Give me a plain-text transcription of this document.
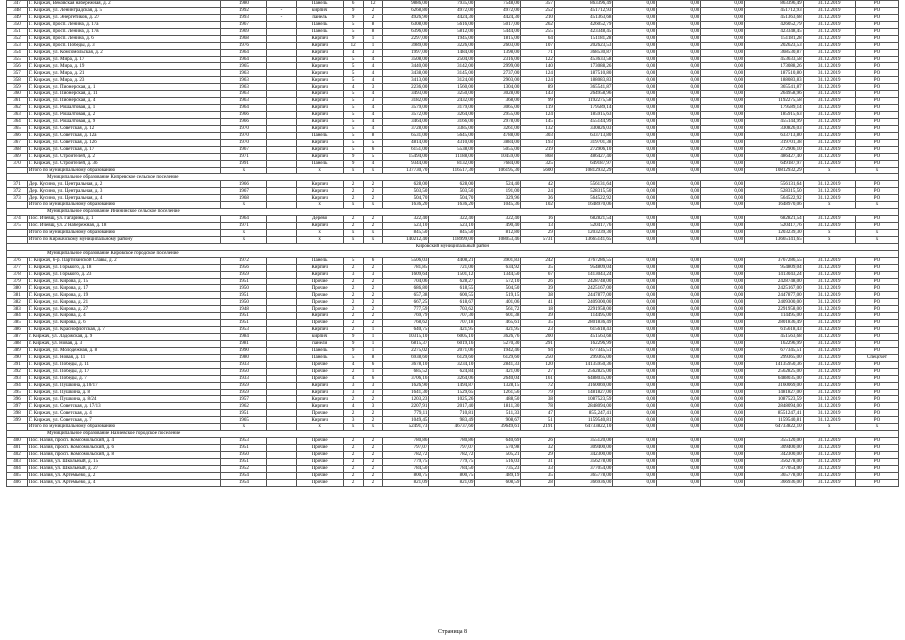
347	Г. Киржач, Вековская набережная, д. 2	1980		Панель	6	12	9886,00	7935,00	7548,00	357	863396,49	0,00	0,00	0,00	863396,49	31.12.2019	РО
348	Г. Киржач, ул. Ленинградская, д. 5	1992	-	кирпич	9	2	6268,80	4972,00	4972,00	252	451712,93	0,00	0,00	0,00	451712,93	31.12.2019	РО
349	Г. Киржач, ул. Энергетиков, д. 27	1993	-	панель	9	2	4926,90	4424,30	4424,30	210	451363,68	0,00	0,00	0,00	451363,68	31.12.2019	РО
350	Г. Киржач, просп. Ленина, д. 17а	1967		Панель	5	8	6308,00	5616,00	5017,00	262	426052,79	0,00	0,00	0,00	426052,79	31.12.2019	РО
351	Г. Киржач, просп. Ленина, д. 17в	1969		Панель	5	8	6396,00	5812,00	5444,00	255	423348,45	0,00	0,00	0,00	423348,45	31.12.2019	РО
352	Г. Киржач, просп. Ленина, д. 6	1968		Кирпич	9	1	2297,00	1945,00	1815,00	64	151181,28	0,00	0,00	0,00	151181,28	31.12.2019	РО
353	Г. Киржач, просп. Победы, д. 3	1976		Кирпич	12	1	3989,00	3226,00	2603,00	107	202623,53	0,00	0,00	0,00	202623,53	31.12.2019	РО
354	Г. Киржач, ул. Комсомольская, д. 2	1964		Кирпич	4	3	1997,00	1484,00	1398,00	71	368530,87	0,00	0,00	0,00	368530,87	31.12.2019	РО
355	Г. Киржач, ул. Мира, д. 17	1964		Кирпич	5	4	3508,00	2504,00	2316,00	122	453633,58	0,00	0,00	0,00	453633,58	31.12.2019	РО
356	Г. Киржач, ул. Мира, д. 19	1965		Кирпич	5	4	3440,00	3142,00	2999,00	140	173088,26	0,00	0,00	0,00	173088,26	31.12.2019	РО
357	Г. Киржач, ул. Мира, д. 21	1963		Кирпич	5	4	3438,00	3145,00	2737,00	124	187510,80	0,00	0,00	0,00	187510,80	31.12.2019	РО
358	Г. Киржач, ул. Мира, д. 23	1963		Кирпич	5	4	3413,00	3124,00	2903,00	124	188083,83	0,00	0,00	0,00	188083,83	31.12.2019	РО
359	Г. Киржач, ул. Пионерская, д. 1	1963		Кирпич	4	3	2236,00	1560,00	1304,00	89	365541,87	0,00	0,00	0,00	365541,87	31.12.2019	РО
360	Г. Киржач, ул. Пионерская, д. 11	1963		Кирпич	5	4	3493,00	3250,00	3028,00	143	264958,96	0,00	0,00	0,00	264958,96	31.12.2019	РО
361	Г. Киржач, ул. Пионерская, д. 4	1963		Кирпич	5	3	3182,00	2432,00	368,00	99	1192275,58	0,00	0,00	0,00	1192275,58	31.12.2019	РО
362	Г. Киржач, ул. Рошалтовая, д. 1	1964		Кирпич	5	4	3579,00	3179,00	3065,00	119	179589,14	0,00	0,00	0,00	179589,14	31.12.2019	РО
363	Г. Киржач, ул. Рошалтовая, д. 2	1966		Кирпич	5	4	3572,00	3264,00	2955,00	124	185915,63	0,00	0,00	0,00	185915,63	31.12.2019	РО
364	Г. Киржач, ул. Рошалтовая, д. 9	1966		Кирпич	5	4	3464,00	3166,00	2978,00	145	455144,99	0,00	0,00	0,00	455144,99	31.12.2019	РО
365	Г. Киржач, ул. Советская, д. 12	1970		Кирпич	5	4	3728,00	3385,00	3261,00	132	330826,03	0,00	0,00	0,00	330826,03	31.12.2019	РО
366	Г. Киржач, ул. Советская, д. 12а	1970		Панель	5	8	6531,00	5645,00	4788,00	303	633713,80	0,00	0,00	0,00	633713,80	31.12.2019	РО
367	Г. Киржач, ул. Советская, д. 12б	1970		Кирпич	5	5	4814,00	4310,00	3884,00	193	319701,38	0,00	0,00	0,00	319701,38	31.12.2019	РО
368	Г. Киржач, ул. Советская, д. 17	1967		Кирпич	5	6	6151,00	5538,00	5055,00	219	272906,10	0,00	0,00	0,00	272906,10	31.12.2019	РО
369	Г. Киржач, ул. Строителей, д. 2	1971		Кирпич	9	5	15494,00	11188,00	10459,00	868	486427,40	0,00	0,00	0,00	486427,40	31.12.2019	РО
370	Г. Киржач, ул. Строителей, д. 3б	1991		Панель	9	4	9344,00	8132,00	7684,00	325	649187,97	0,00	0,00	0,00	649187,97	31.12.2019	РО
	Итого по муниципальному образованию	x		x	x	x	137730,70	116517,30	106195,30	5600	10812932,29	0,00	0,00	0,00	10812932,29	x	x
Муниципальное образование Кипревское сельское поселение																	
371	Дер. Кусино, ул. Центральная, д. 2	1966		Кирпич	2	2	628,00	628,00	524,40	42	556131,64	0,00	0,00	0,00	556131,64	31.12.2019	РО
372	Дер. Кусино, ул. Центральная, д. 3	1967		Кирпич	2	2	503,50	503,50	191,00	24	528315,50	0,00	0,00	0,00	528315,50	31.12.2019	РО
373	Дер. Кусино, ул. Центральная, д. 4	1968		Кирпич	2	2	504,70	504,70	329,96	36	564522,92	0,00	0,00	0,00	564522,92	31.12.2019	РО
	Итого по муниципальному образованию	x		x	x	x	1636,20	1636,20	1045,36	102	1648970,06	0,00	0,00	0,00	1648970,06	x	x
Муниципальное образование Инининское сельское поселение																	
374	Пос. Ичевщ, ул. Гагарина, д. 1	1964		Дерево	2	2	322,40	322,40	322,40	16	682821,54	0,00	0,00	0,00	682821,54	31.12.2019	РО
375	Пос. Ичевщ, ул. 2 Набережная, д. 18	1971		Кирпич	2	2	523,10	523,10	490,40	13	520417,76	0,00	0,00	0,00	520417,76	31.12.2019	РО
	Итого по муниципальному образованию	x		x	x	x	845,50	845,50	812,80	29	1203239,30	0,00	0,00	0,00	1203239,30	x	x
	Итого по Киржачскому муниципальному району	x		x	x	x	140212,40	118999,00	108053,46	5731	13665141,65	0,00	0,00	0,00	13665141,65	x	x
Кировский муниципальный район																	
Муниципальное образование Кировское городское поселение																	
376	Г. Киржач, б-р. Партизанской Славы, д. 2	1972		Панель	5	6	5506,03	4408,21	3901,83	242	3767286,55	0,00	0,00	0,00	3767286,55	31.12.2019	РО
377	Г. Киржач, ул. Горького, д. 18	1956		Кирпич	2	2	781,85	721,00	634,92	35	954809,04	0,00	0,00	0,00	954809,04	31.12.2019	РО
378	Г. Киржач, ул. Горького, д. 23	1959		Кирпич	3	3	1609,64	1501,12	1344,50	67	1413043,24	0,00	0,00	0,00	1413043,24	31.12.2019	РО
379	Г. Киржач, ул. Кирова, д. 15	1951		Прочие	2	2	704,06	628,27	572,10	26	2428748,00	0,00	0,00	0,00	2428748,00	31.12.2019	РО
380	Г. Киржач, ул. Кирова, д. 17	1950		Прочие	2	2	686,80	618,55	504,50	39	2425167,00	0,00	0,00	0,00	2425167,00	31.12.2019	РО
381	Г. Киржач, ул. Кирова, д. 19	1951		Прочие	2	2	657,38	600,55	519,15	38	2447877,00	0,00	0,00	0,00	2447877,00	31.12.2019	РО
382	Г. Киржач, ул. Кирова, д. 21	1950		Прочие	2	2	667,25	618,67	401,06	41	2409300,00	0,00	0,00	0,00	2409300,00	31.12.2019	РО
383	Г. Киржач, ул. Кирова, д. 27	1948		Прочие	2	2	777,59	703,62	561,72	18	2291958,00	0,00	0,00	0,00	2291958,00	31.12.2019	РО
384	Г. Киржач, ул. Кирова, д. 4	1951		Кирпич	2	2	769,79	707,30	601,38	39	114495,00	0,00	0,00	0,00	114495,00	31.12.2019	РО
385	Г. Киржач, ул. Кирова, д. 6	1951		Прочие	2	2	768,62	707,18	465,61	35	2801836,49	0,00	0,00	0,00	2801836,49	31.12.2019	РО
386	Г. Киржач, ул. Краснофлотская, д. 7	1953		Кирпич	2	1	640,75	421,95	421,95	23	615618,43	0,00	0,00	0,00	615618,43	31.12.2019	РО
387	г. Киржач, ул. Ладожская, д. 9	1984		кирпич	9	1	10315,10	6005,10	3626,76	200	451563,68	0,00	0,00	0,00	451563,68	31.12.2019	РО
388	г. Киржач, ул. Новая, д. 3	1981		панели	9	1	6815,37	6019,16	5270,30	291	162296,99	0,00	0,00	0,00	162296,99	31.12.2019	РО
389	Г. Киржач, ул. Молодежная, д. 8	1990		Панель	9	1	2275,02	2071,06	1942,46	94	677345,51	0,00	0,00	0,00	677345,51	31.12.2019	РО
390	Г. Киржач, ул. Новая, д. 11	1980		Панель	5	8	6938,60	6129,60	6129,60	250	299365,00	0,00	0,00	0,00	299365,00	31.12.2019	Спецсчет
391	Г. Киржач, ул. Победы, д. 11	1933		Прочие	4	6	3678,10	3234,10	2841,33	120	14135950,36	0,00	0,00	0,00	14135950,36	31.12.2019	РО
392	Г. Киржач, ул. Победы, д. 17	1950		Прочие	2	1	685,52	624,84	421,00	27	2562825,00	0,00	0,00	0,00	2562825,00	31.12.2019	РО
393	Г. Киржач, ул. Победы, д. 7	1933		Прочие	4	6	3706,16	3264,06	2640,04	161	6488035,00	0,00	0,00	0,00	6488035,00	31.12.2019	РО
394	Г. Киржач, ул. Пушкина, д.10/17	1959		Кирпич	3	3	1626,90	1494,87	1328,15	72	3160069,00	0,00	0,00	0,00	3160069,00	31.12.2019	РО
395	Г. Киржач, ул. Пушкина, д. 8	1959		Кирпич	3	3	1641,30	1529,65	1261,56	79	1481827,00	0,00	0,00	0,00	1481827,00	31.12.2019	РО
396	Г. Киржач, ул. Пушкина, д. 8/24	1957		Кирпич	2	2	1203,23	1025,26	488,50	38	1087523,59	0,00	0,00	0,00	1087523,59	31.12.2019	РО
397	Г. Киржач, ул. Советская, д. 17/13	1962		Кирпич	4	3	2207,91	2017,40	1811,30	78	2848094,00	0,00	0,00	0,00	2848094,00	31.12.2019	РО
398	Г. Киржач, ул. Советская, д. 4	1951		Прочие	2	2	779,11	710,81	511,33	47	855,247,41	0,00	0,00	0,00	8551247,41	31.12.2019	РО
399	Г. Киржач, ул. Советская, д. 7	1965		Кирпич	3	2	1049,45	983,49	908,67	51	1159540,81	0,00	0,00	0,00	1159540,81	31.12.2019	РО
	Итого по муниципальному образованию	x		x	x	x	52491,73	46737,60	39649,61	2191	64733822,10	0,00	0,00	0,00	64733822,10	x	x
Муниципальное образование Назиевское городское поселение																	
400	Пос. Назия, просп. Комсомольский, д. 4	1953		Прочие	2	2	780,86	780,86	640,69	26	355120,00	0,00	0,00	0,00	355120,00	31.12.2019	РО
401	Пос. Назия, просп. Комсомольский, д. 6	1951		Прочие	2	2	797,07	797,07	570,98	32	309400,00	0,00	0,00	0,00	309400,00	31.12.2019	РО
402	Пос. Назия, просп. Комсомольский, д. 8	1950		Прочие	2	2	782,72	782,72	505,21	29	342300,00	0,00	0,00	0,00	342300,00	31.12.2019	РО
403	Пос. Назия, ул. Школьный, д. 15	1951		Прочие	2	2	779,75	779,75	516,03	31	356278,00	0,00	0,00	0,00	356278,00	31.12.2019	РО
404	Пос. Назия, ул. Школьный, д. 27	1952		Прочие	2	2	784,50	784,50	735,23	33	377054,00	0,00	0,00	0,00	377054,00	31.12.2019	РО
405	Пос. Назия, ул. Артемьево, д. 2	1954		Прочие	2	2	800,75	800,75	489,19	35	365778,00	0,00	0,00	0,00	365778,00	31.12.2019	РО
406	Пос. Назия, ул. Артемьево, д. 4	1954		Прочие	2	2	821,09	821,09	608,59	28	366936,00	0,00	0,00	0,00	366936,00	31.12.2019	РО
Страница 8
